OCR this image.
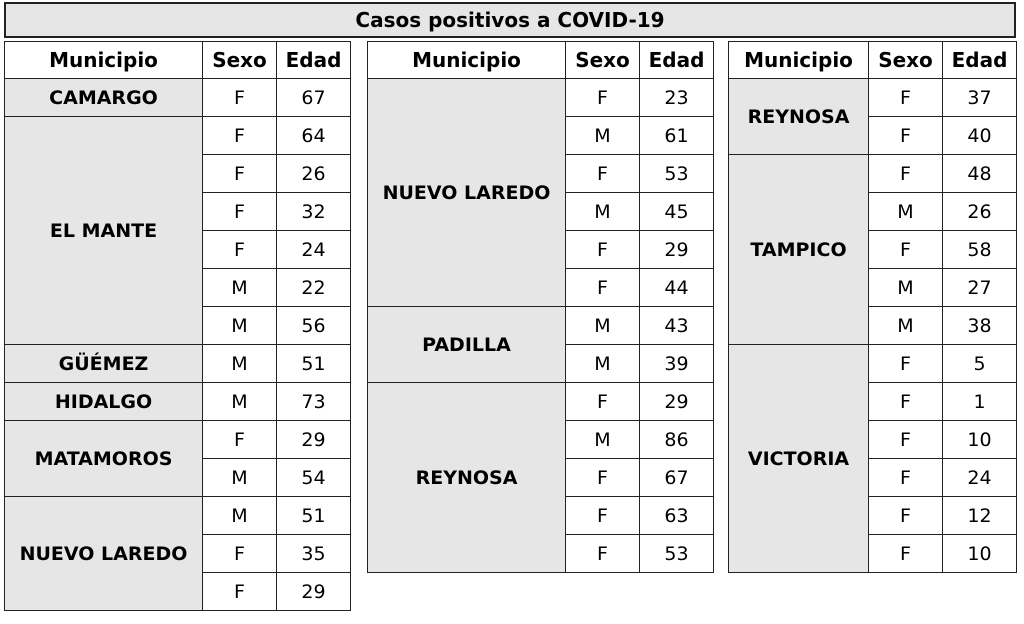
Casos positivos a COVID-19
Municipio	Sexo	Edad
CAMARGO	F	67
EL MANTE	F	64
	F	26
	F	32
	F	24
	M	22
	M	56
GÜÉMEZ	M	51
HIDALGO	M	73
MATAMOROS	F	29
	M	54
NUEVO LAREDO	M	51
	F	35
	F	29
Municipio	Sexo	Edad
NUEVO LAREDO	F	23
	M	61
	F	53
	M	45
	F	29
	F	44
PADILLA	M	43
	M	39
REYNOSA	F	29
	M	86
	F	67
	F	63
	F	53
Municipio	Sexo	Edad
REYNOSA	F	37
	F	40
TAMPICO	F	48
	M	26
	F	58
	M	27
	M	38
VICTORIA	F	5
	F	1
	F	10
	F	24
	F	12
	F	10
